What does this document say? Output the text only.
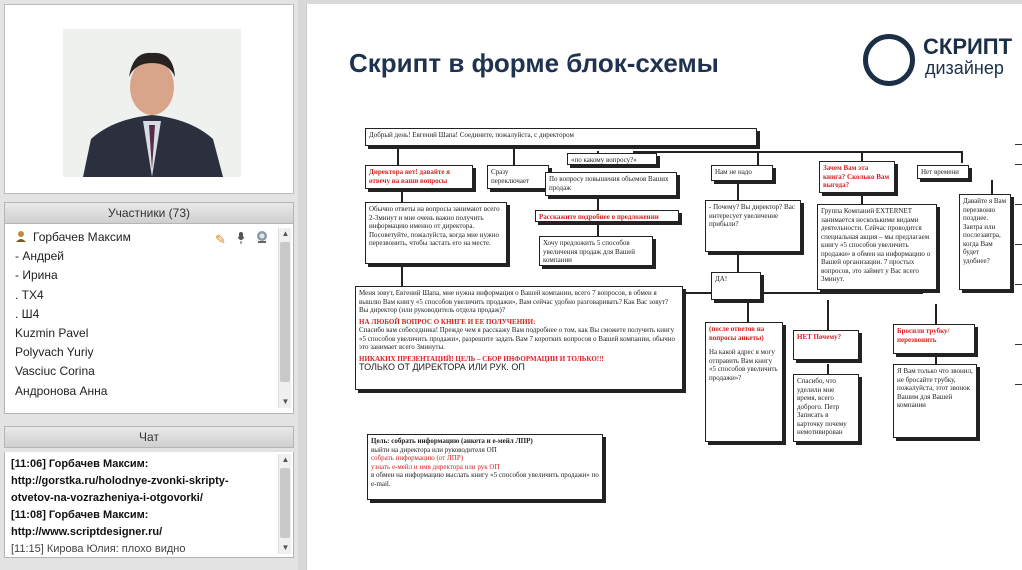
Участники (73)
Горбачев Максим	✎
- Андрей
- Ирина
. ТХ4
. Ш4
Kuzmin Pavel
Polyvach Yuriy
Vasciuc Corina
Андронова Анна
▲
▼
Чат

[11:06] Горбачев Максим:

http://gorstka.ru/holodnye-zvonki-skripty-

otvetov-na-vozrazheniya-i-otgovorki/

[11:08] Горбачев Максим:

http://www.scriptdesigner.ru/

[11:15] Кирова Юлия: плохо видно

▲
▼
Скрипт в форме блок-схемы
СКРИПТ
дизайнер
Добрый день! Евгений Шапа! Соедините, пожалуйста, с директором
Директора нет! давайте я отвечу на ваши вопросы
Сразу переключает
«по какому вопросу?»
По вопросу повышения объемов Ваших продаж
Расскажите подробнее о предложении
Хочу предложить 5 способов увеличения продаж для Вашей компании
Обычно ответы на вопросы занимают всего 2-3минут и мне очень важно получить информацию именно от директора. Посоветуйте, пожалуйста, когда мне нужно перезвонить, чтобы застать его на месте.
Нам не надо
- Почему? Вы директор? Вас интересует увеличение прибыли?
Зачем Вам эта книга? Сколько Вам выгода?
Нет времени
Группа Компаний EXTERNET занимается несколькими видами деятельности. Сейчас проводится специальная акция – мы предлагаем книгу «5 способов увеличить продажи» в обмен на информацию о Вашей организации. 7 простых вопросов, это займет у Вас всего 3минут.
Давайте я Вам перезвоню позднее. Завтра или послезавтра, когда Вам будет удобнее?
Меня зовут, Евгений Шапа, мне нужна информация о Вашей компании, всего 7 вопросов, в обмен я вышлю Вам книгу «5 способов увеличить продажи», Вам сейчас удобно разговаривать? Как Вас зовут? Вы директор (или руководитель отдела продаж)?
НА ЛЮБОЙ ВОПРОС О КНИГЕ И ЕЕ ПОЛУЧЕНИИ:
Спасибо вам собеседника! Прежде чем я расскажу Вам подробнее о том, как Вы сможете получить книгу «5 способов увеличить продажи», разрешите задать Вам 7 коротких вопросов о Вашей компании, обычно это занимает всего 3минуты.
НИКАКИХ ПРЕЗЕНТАЦИЙ! ЦЕЛЬ – СБОР ИНФОРМАЦИИ И ТОЛЬКО!!!
ТОЛЬКО ОТ ДИРЕКТОРА ИЛИ РУК. ОП
ДА!
(после ответов на вопросы анкеты)
На какой адрес я могу отправить Вам книгу «5 способов увеличить продажи»?
НЕТ Почему?
Спасибо, что уделили мне время, всего доброго. Петр Записать в карточку почему немотивирован
Бросили трубку/ перезвонить
Я Вам только что звонил, не бросайте трубку, пожалуйста, этот звонок Вашим для Вашей компании
Цель: собрать информацию (анкета и е-мейл ЛПР)
выйти на директора или руководителя ОП
собрать информацию (от ЛПР)
узнать е-мейл и имя директора или рук ОП
в обмен на информацию выслать книгу «5 способов увеличить продажи» по e-mail.
